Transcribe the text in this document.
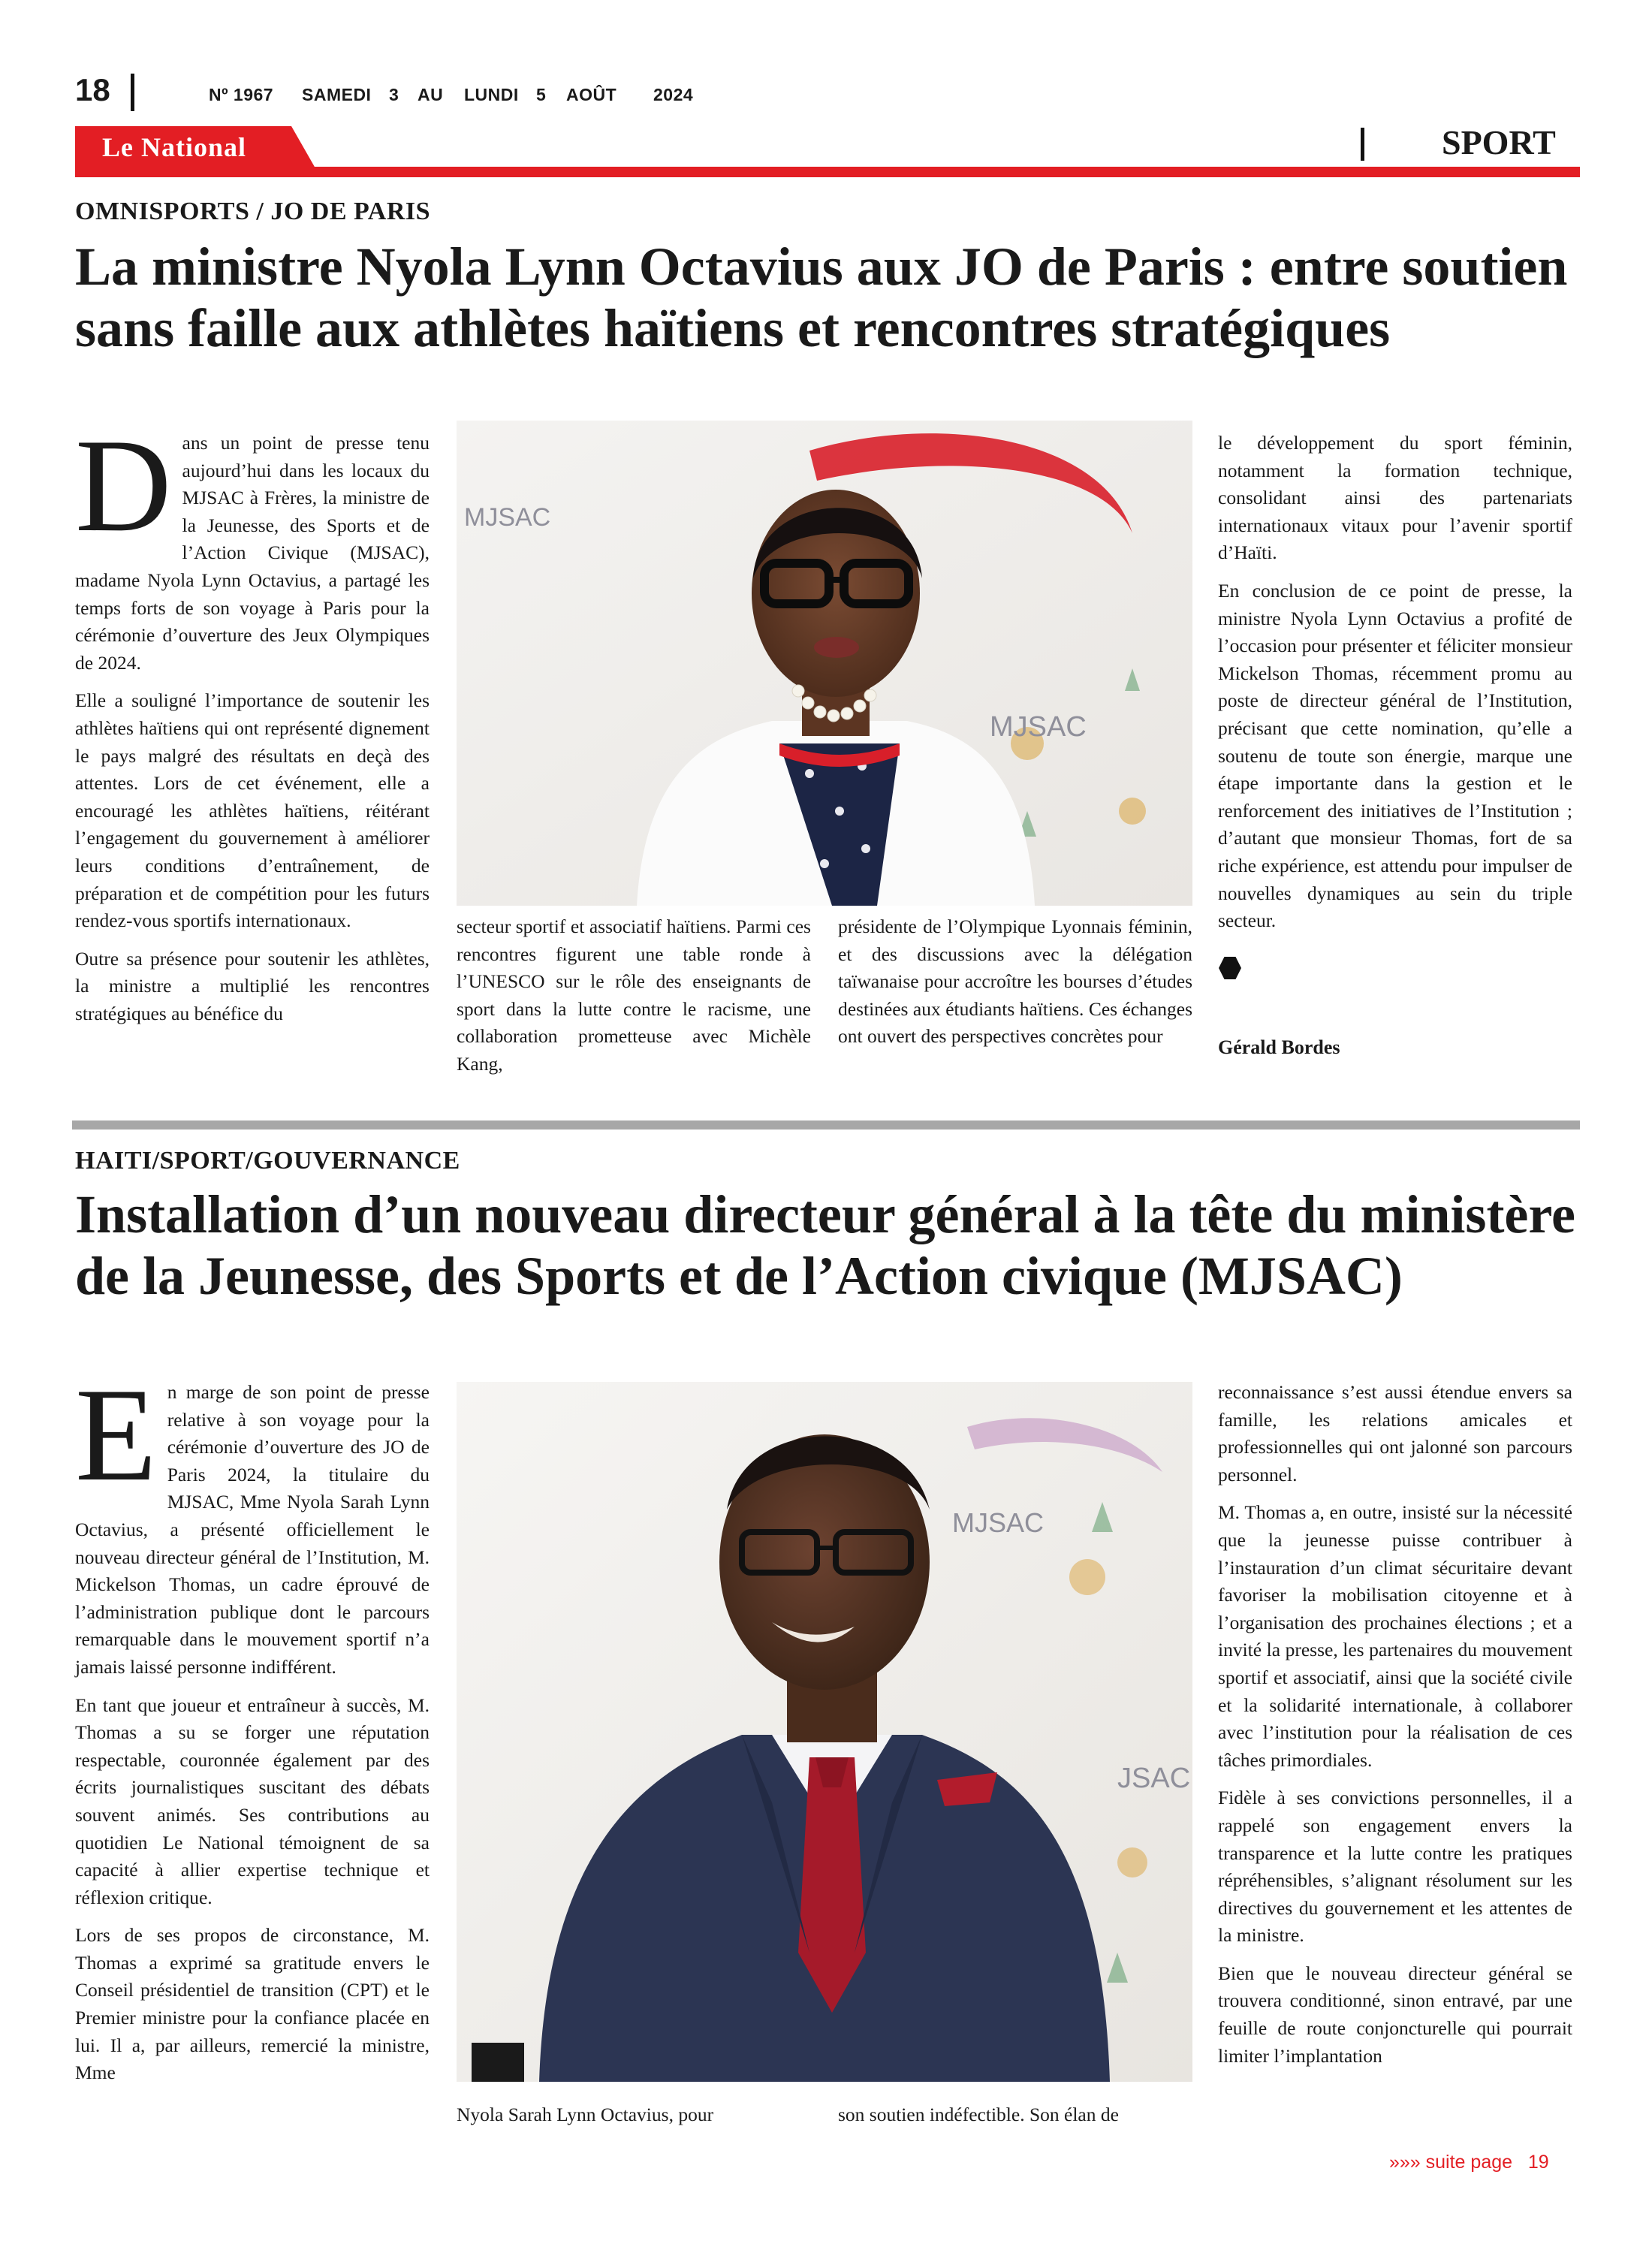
18	Nº 1967 SAMEDI 3 AU LUNDI 5 AOÛT 2024
Le National	SPORT
OMNISPORTS / JO DE PARIS
La ministre Nyola Lynn Octavius aux JO de Paris : entre soutien sans faille aux athlètes haïtiens et rencontres stratégiques

Dans un point de presse tenu aujourd’hui dans les locaux du MJSAC à Frères, la ministre de la Jeunesse, des Sports et de l’Action Civique (MJSAC), madame Nyola Lynn Octavius, a partagé les temps forts de son voyage à Paris pour la cérémonie d’ouverture des Jeux Olympiques de 2024.

Elle a souligné l’importance de soutenir les athlètes haïtiens qui ont représenté dignement le pays malgré des résultats en deçà des attentes. Lors de cet événement, elle a encouragé les athlètes haïtiens, réitérant l’engagement du gouvernement à améliorer leurs conditions d’entraînement, de préparation et de compétition pour les futurs rendez-vous sportifs internationaux.

Outre sa présence pour soutenir les athlètes, la ministre a multiplié les rencontres stratégiques au bénéfice du

MJSAC
MJSAC

secteur sportif et associatif haïtiens. Parmi ces rencontres figurent une table ronde à l’UNESCO sur le rôle des enseignants de sport dans la lutte contre le racisme, une collaboration prometteuse avec Michèle Kang,

présidente de l’Olympique Lyonnais féminin, et des discussions avec la délégation taïwanaise pour accroître les bourses d’études destinées aux étudiants haïtiens. Ces échanges ont ouvert des perspectives concrètes pour

le développement du sport féminin, notamment la formation technique, consolidant ainsi des partenariats internationaux vitaux pour l’avenir sportif d’Haïti.

En conclusion de ce point de presse, la ministre Nyola Lynn Octavius a profité de l’occasion pour présenter et féliciter monsieur Mickelson Thomas, récemment promu au poste de directeur général de l’Institution, précisant que cette nomination, qu’elle a soutenu de toute son énergie, marque une étape importante dans la gestion et le renforcement des initiatives de l’Institution ; d’autant que monsieur Thomas, fort de sa riche expérience, est attendu pour impulser de nouvelles dynamiques au sein du triple secteur.

Gérald Bordes
HAITI/SPORT/GOUVERNANCE
Installation d’un nouveau directeur général à la tête du ministère de la Jeunesse, des Sports et de l’Action civique (MJSAC)

En marge de son point de presse relative à son voyage pour la cérémonie d’ouverture des JO de Paris 2024, la titulaire du MJSAC, Mme Nyola Sarah Lynn Octavius, a présenté officiellement le nouveau directeur général de l’Institution, M. Mickelson Thomas, un cadre éprouvé de l’administration publique dont le parcours remarquable dans le mouvement sportif n’a jamais laissé personne indifférent.

En tant que joueur et entraîneur à succès, M. Thomas a su se forger une réputation respectable, couronnée également par des écrits journalistiques suscitant des débats souvent animés. Ses contributions au quotidien Le National témoignent de sa capacité à allier expertise technique et réflexion critique.

Lors de ses propos de circonstance, M. Thomas a exprimé sa gratitude envers le Conseil présidentiel de transition (CPT) et le Premier ministre pour la confiance placée en lui. Il a, par ailleurs, remercié la ministre, Mme

MJSAC
JSAC

Nyola Sarah Lynn Octavius, pour	son soutien indéfectible. Son élan de

reconnaissance s’est aussi étendue envers sa famille, les relations amicales et professionnelles qui ont jalonné son parcours personnel.

M. Thomas a, en outre, insisté sur la nécessité que la jeunesse puisse contribuer à l’instauration d’un climat sécuritaire devant favoriser la mobilisation citoyenne et à l’organisation des prochaines élections ; et a invité la presse, les partenaires du mouvement sportif et associatif, ainsi que la société civile et la solidarité internationale, à collaborer avec l’institution pour la réalisation de ces tâches primordiales.

Fidèle à ses convictions personnelles, il a rappelé son engagement envers la transparence et la lutte contre les pratiques répréhensibles, s’alignant résolument sur les directives du gouvernement et les attentes de la ministre.

Bien que le nouveau directeur général se trouvera conditionné, sinon entravé, par une feuille de route conjoncturelle qui pourrait limiter l’implantation

»»» suite page   19
